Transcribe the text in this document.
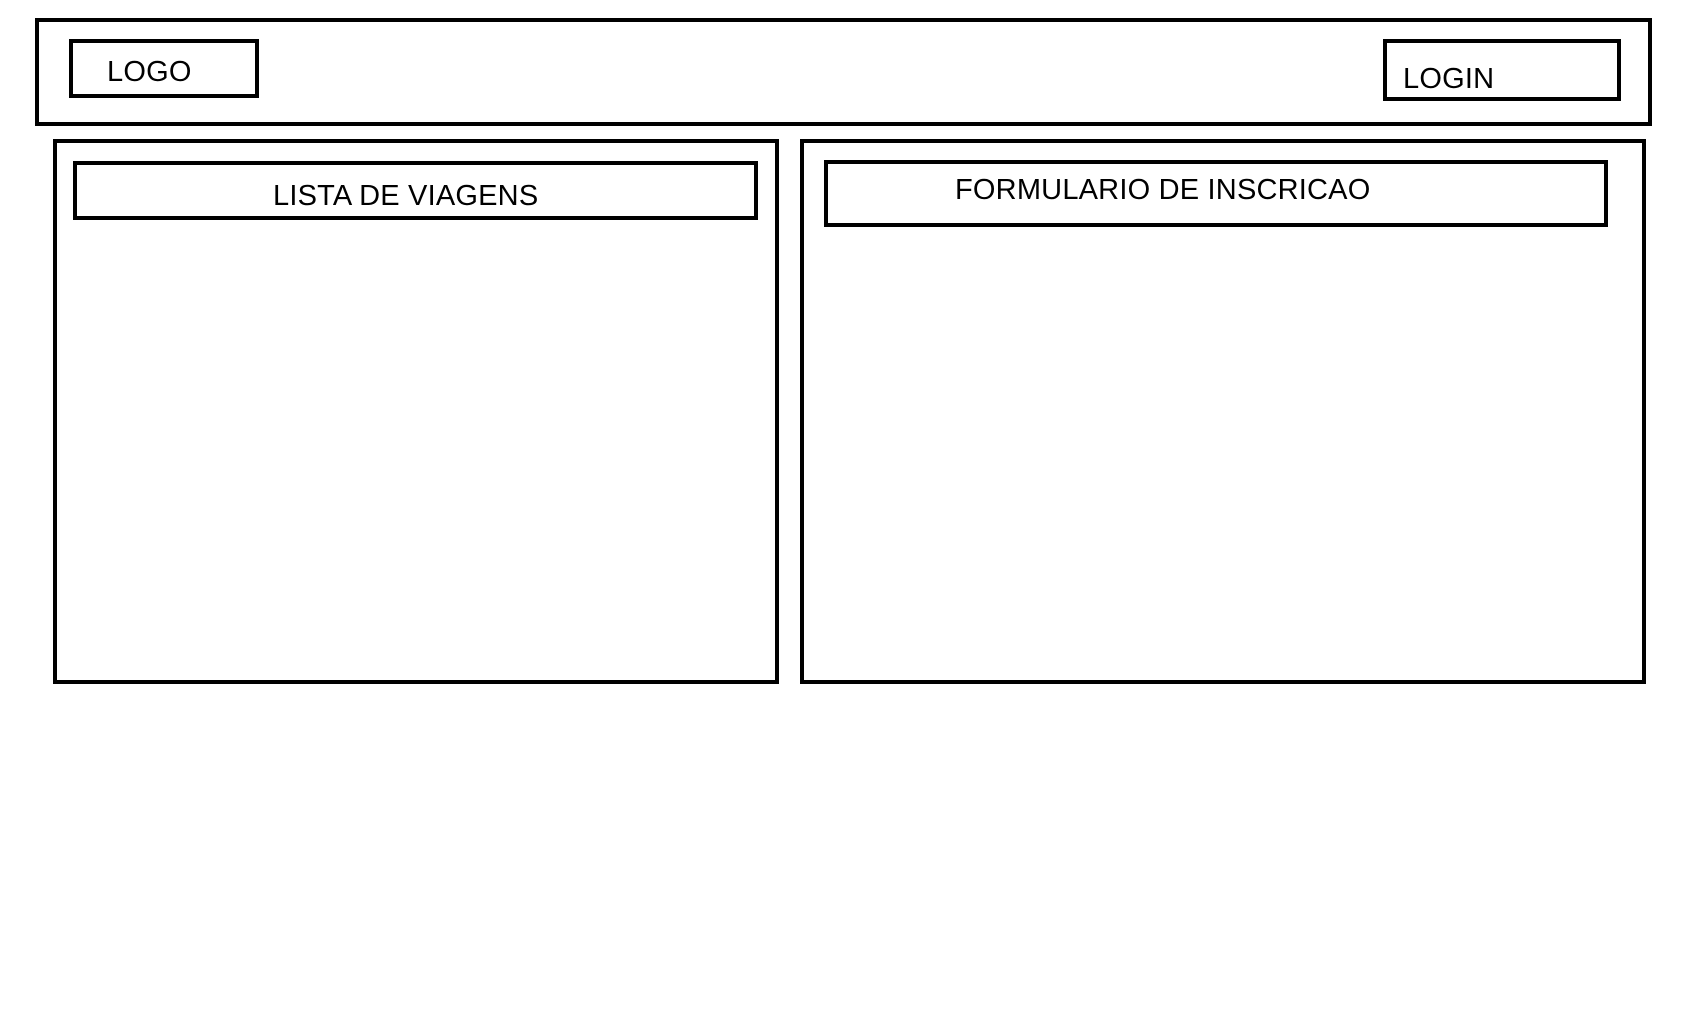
LOGO	LOGIN
LISTA DE VIAGENS	FORMULARIO DE INSCRICAO
